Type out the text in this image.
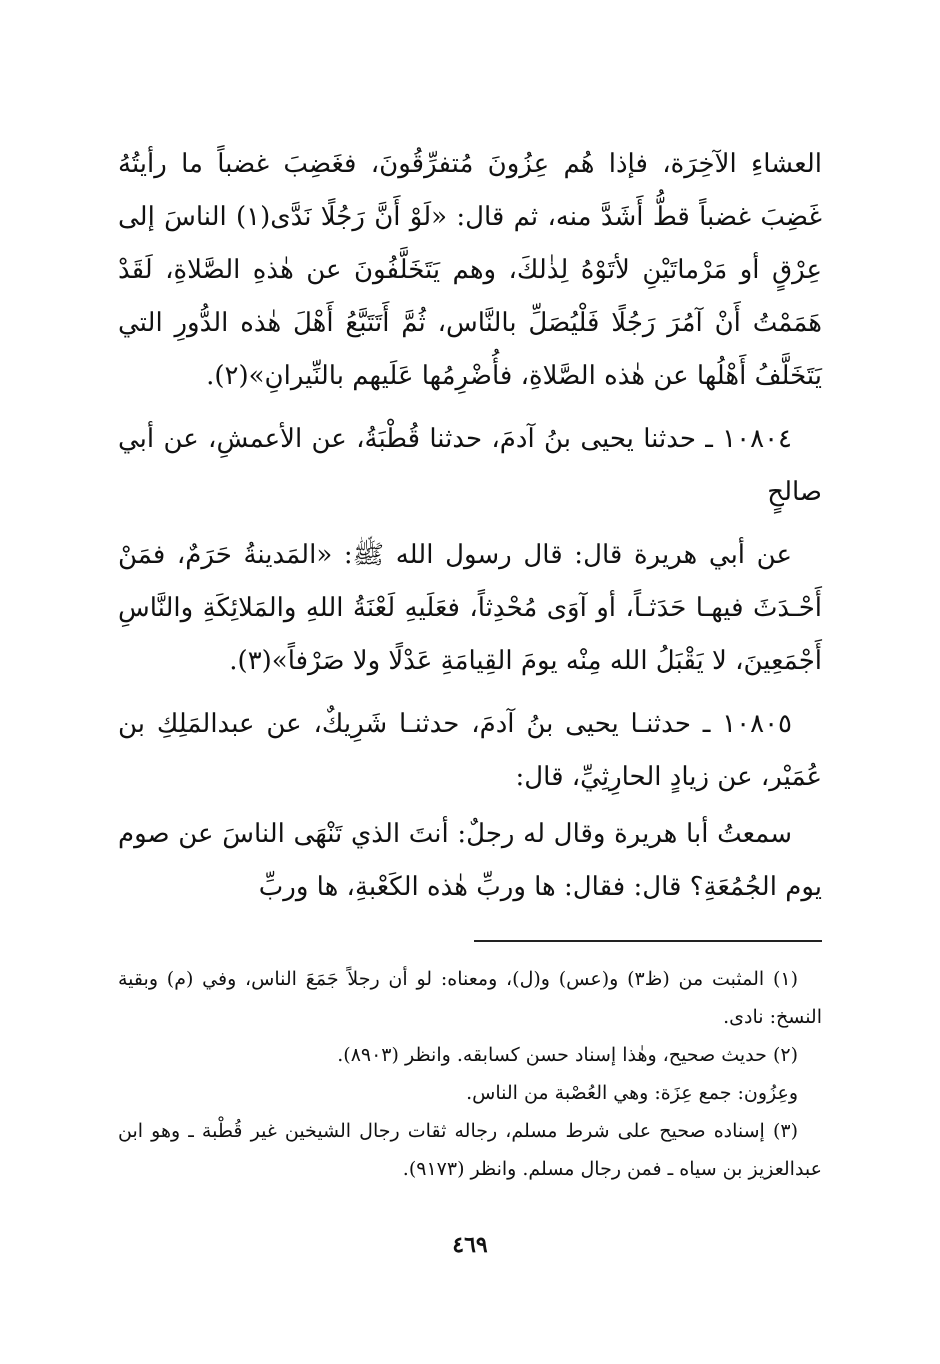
العشاءِ الآخِرَة، فإذا هُم عِزُونَ مُتفرِّقُونَ، فغَضِبَ غضباً ما رأيتُهُ غَضِبَ غضباً قطُّ أَشَدَّ منه، ثم قال: «لَوْ أَنَّ رَجُلًا نَدَّى(١) الناسَ إلى عِرْقٍ أو مَرْماتَيْنِ لأتَوْهُ لِذٰلكَ، وهم يَتَخَلَّفُونَ عن هٰذهِ الصَّلاةِ، لَقَدْ هَمَمْتُ أَنْ آمُرَ رَجُلًا فَلْيُصَلِّ بالنَّاس، ثُمَّ أَتَتَبَّعُ أَهْلَ هٰذه الدُّورِ التي يَتَخَلَّفُ أَهْلُها عن هٰذه الصَّلاةِ، فأُضْرِمُها عَلَيهم بالنِّيرانِ»(٢).

١٠٨٠٤ ـ حدثنا يحيى بنُ آدمَ، حدثنا قُطْبَةُ، عن الأعمشِ، عن أبي صالحٍ

عن أبي هريرة قال: قال رسول الله ﷺ: «المَدينةُ حَرَمٌ، فمَنْ أَحْـدَثَ فيهـا حَدَثـاً، أو آوَى مُحْدِثاً، فعَلَيهِ لَعْنَةُ اللهِ والمَلائِكَةِ والنَّاسِ أَجْمَعِينَ، لا يَقْبَلُ الله مِنْه يومَ القِيامَةِ عَدْلًا ولا صَرْفاً»(٣).

١٠٨٠٥ ـ حدثنـا يحيى بنُ آدمَ، حدثنـا شَرِيكٌ، عن عبدالمَلِكِ بن عُمَيْر، عن زيادٍ الحارِثِيِّ، قال:

سمعتُ أبا هريرة وقال له رجلٌ: أنتَ الذي تَنْهَى الناسَ عن صوم يوم الجُمُعَةِ؟ قال: فقال: ها وربِّ هٰذه الكَعْبةِ، ها وربِّ

(١) المثبت من (ظ٣) و(عس) و(ل)، ومعناه: لو أن رجلاً جَمَعَ الناس، وفي (م) وبقية النسخ: نادى.

(٢) حديث صحيح، وهٰذا إسناد حسن كسابقه. وانظر (٨٩٠٣).

وعِزُون: جمع عِزَة: وهي العُصْبة من الناس.

(٣) إسناده صحيح على شرط مسلم، رجاله ثقات رجال الشيخين غير قُطْبة ـ وهو ابن عبدالعزيز بن سياه ـ فمن رجال مسلم. وانظر (٩١٧٣).

٤٦٩
